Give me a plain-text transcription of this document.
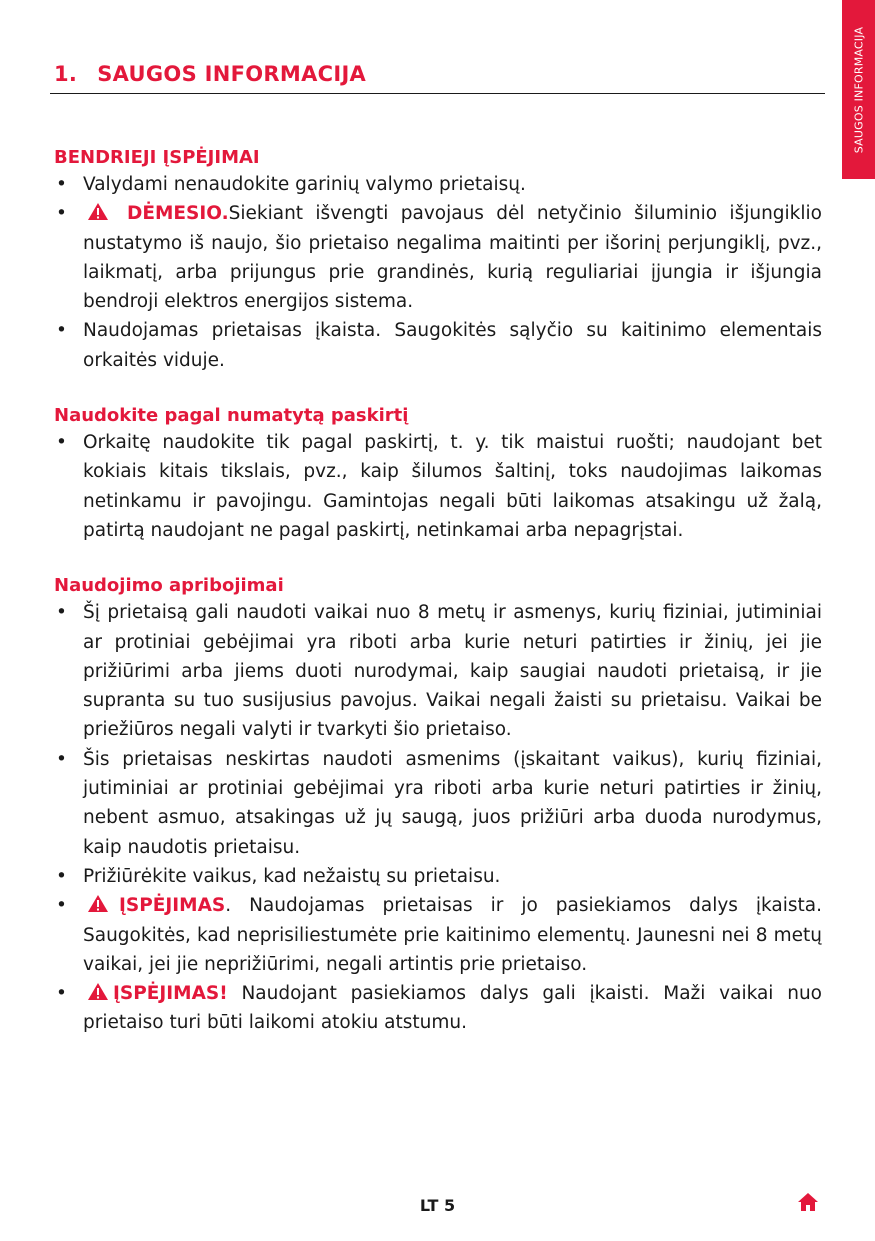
SAUGOS INFORMACIJA
1. SAUGOS INFORMACIJA
BENDRIEJI ĮSPĖJIMAI
• Valydami nenaudokite garinių valymo prietaisų.
• DĖMESIO.Siekiant išvengti pavojaus dėl netyčinio šiluminio išjungiklio nustatymo iš naujo, šio prietaiso negalima maitinti per išorinį perjungiklį, pvz., laikmatį, arba prijungus prie grandinės, kurią reguliariai įjungia ir išjungia bendroji elektros energijos sistema.
• Naudojamas prietaisas įkaista. Saugokitės sąlyčio su kaitinimo elementais orkaitės viduje.
Naudokite pagal numatytą paskirtį
• Orkaitę naudokite tik pagal paskirtį, t. y. tik maistui ruošti; naudojant bet kokiais kitais tikslais, pvz., kaip šilumos šaltinį, toks naudojimas laikomas netinkamu ir pavojingu. Gamintojas negali būti laikomas atsakingu už žalą, patirtą naudojant ne pagal paskirtį, netinkamai arba nepagrįstai.
Naudojimo apribojimai
• Šį prietaisą gali naudoti vaikai nuo 8 metų ir asmenys, kurių fiziniai, jutiminiai ar protiniai gebėjimai yra riboti arba kurie neturi patirties ir žinių, jei jie prižiūrimi arba jiems duoti nurodymai, kaip saugiai naudoti prietaisą, ir jie supranta su tuo susijusius pavojus. Vaikai negali žaisti su prietaisu. Vaikai be priežiūros negali valyti ir tvarkyti šio prietaiso.
• Šis prietaisas neskirtas naudoti asmenims (įskaitant vaikus), kurių fiziniai, jutiminiai ar protiniai gebėjimai yra riboti arba kurie neturi patirties ir žinių, nebent asmuo, atsakingas už jų saugą, juos prižiūri arba duoda nurodymus, kaip naudotis prietaisu.
• Prižiūrėkite vaikus, kad nežaistų su prietaisu.
• ĮSPĖJIMAS. Naudojamas prietaisas ir jo pasiekiamos dalys įkaista. Saugokitės, kad neprisiliestumėte prie kaitinimo elementų. Jaunesni nei 8 metų vaikai, jei jie neprižiūrimi, negali artintis prie prietaiso.
• ĮSPĖJIMAS! Naudojant pasiekiamos dalys gali įkaisti. Maži vaikai nuo prietaiso turi būti laikomi atokiu atstumu.
LT 5
